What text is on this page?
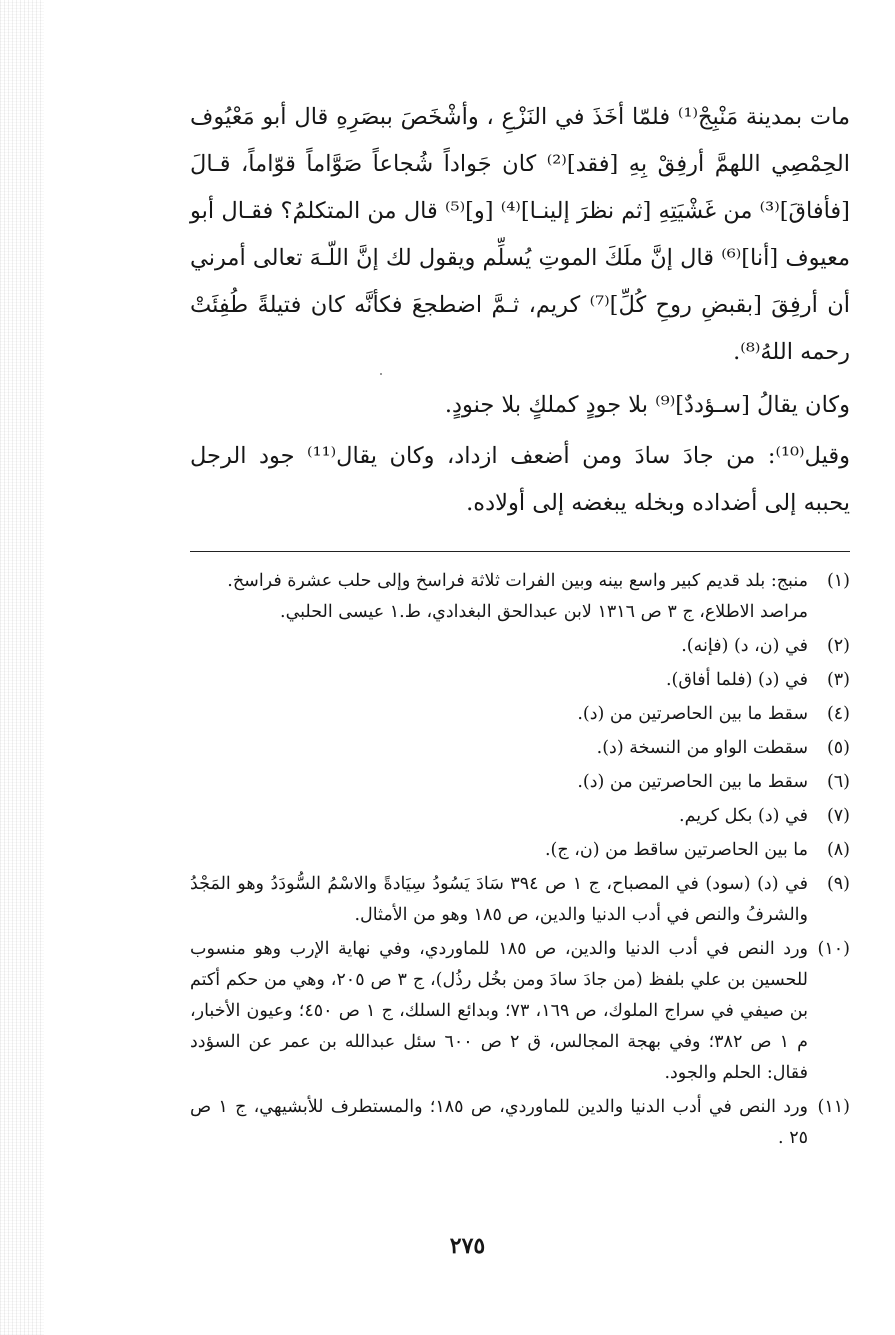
مات بمدينة مَنْبِجْ⁽¹⁾ فلمّا أخَذَ في النَزْعِ ، وأشْخَصَ ببصَرِهِ قال أبو مَعْيُوف الحِمْصِي اللهمَّ أرفِقْ بِهِ [فقد]⁽²⁾ كان جَواداً شُجاعاً صَوَّاماً قوّاماً، قـالَ [فأفاقَ]⁽³⁾ من غَشْيَتِهِ [ثم نظرَ إلينـا]⁽⁴⁾ [و]⁽⁵⁾ قال من المتكلمُ؟ فقـال أبو معيوف [أنا]⁽⁶⁾ قال إنَّ ملَكَ الموتِ يُسلِّم ويقول لك إنَّ اللّـهَ تعالى أمرني أن أرفِقَ [بقبضِ روحِ كُلِّ]⁽⁷⁾ كريم، ثـمَّ اضطجعَ فكأنَّه كان فتيلةً طُفِئَتْ رحمه اللهُ⁽⁸⁾.

وكان يقالُ [سـؤددٌ]⁽⁹⁾ بلا جودٍ كملكٍ بلا جنودٍ.

وقيل⁽¹⁰⁾: من جادَ سادَ ومن أضعف ازداد، وكان يقال⁽¹¹⁾ جود الرجل يحببه إلى أضداده وبخله يبغضه إلى أولاده.

(١)
منبج: بلد قديم كبير واسع بينه وبين الفرات ثلاثة فراسخ وإلى حلب عشرة فراسخ.
مراصد الاطلاع، ج ٣ ص ١٣١٦ لابن عبدالحق البغدادي، ط.١ عيسى الحلبي.
(٢)
في (ن، د) (فإنه).
(٣)
في (د) (فلما أفاق).
(٤)
سقط ما بين الحاصرتين من (د).
(٥)
سقطت الواو من النسخة (د).
(٦)
سقط ما بين الحاصرتين من (د).
(٧)
في (د) بكل كريم.
(٨)
ما بين الحاصرتين ساقط من (ن، ج).
(٩)
في (د) (سود) في المصباح، ج ١ ص ٣٩٤ سَادَ يَسُودُ سِيَادةً والاسْمُ السُّودَدُ وهو المَجْدُ والشرفُ والنص في أدب الدنيا والدين، ص ١٨٥ وهو من الأمثال.
(١٠)
ورد النص في أدب الدنيا والدين، ص ١٨٥ للماوردي، وفي نهاية الإرب وهو منسوب للحسين بن علي بلفظ (من جادَ سادَ ومن بخُل رذُل)، ج ٣ ص ٢٠٥، وهي من حكم أكتم بن صيفي في سراج الملوك، ص ١٦٩، ٧٣؛ وبدائع السلك، ج ١ ص ٤٥٠؛ وعيون الأخبار، م ١ ص ٣٨٢؛ وفي بهجة المجالس، ق ٢ ص ٦٠٠ سئل عبدالله بن عمر عن السؤدد فقال: الحلم والجود.
(١١)
ورد النص في أدب الدنيا والدين للماوردي، ص ١٨٥؛ والمستطرف للأبشيهي، ج ١ ص ٢٥ .
٢٧٥
